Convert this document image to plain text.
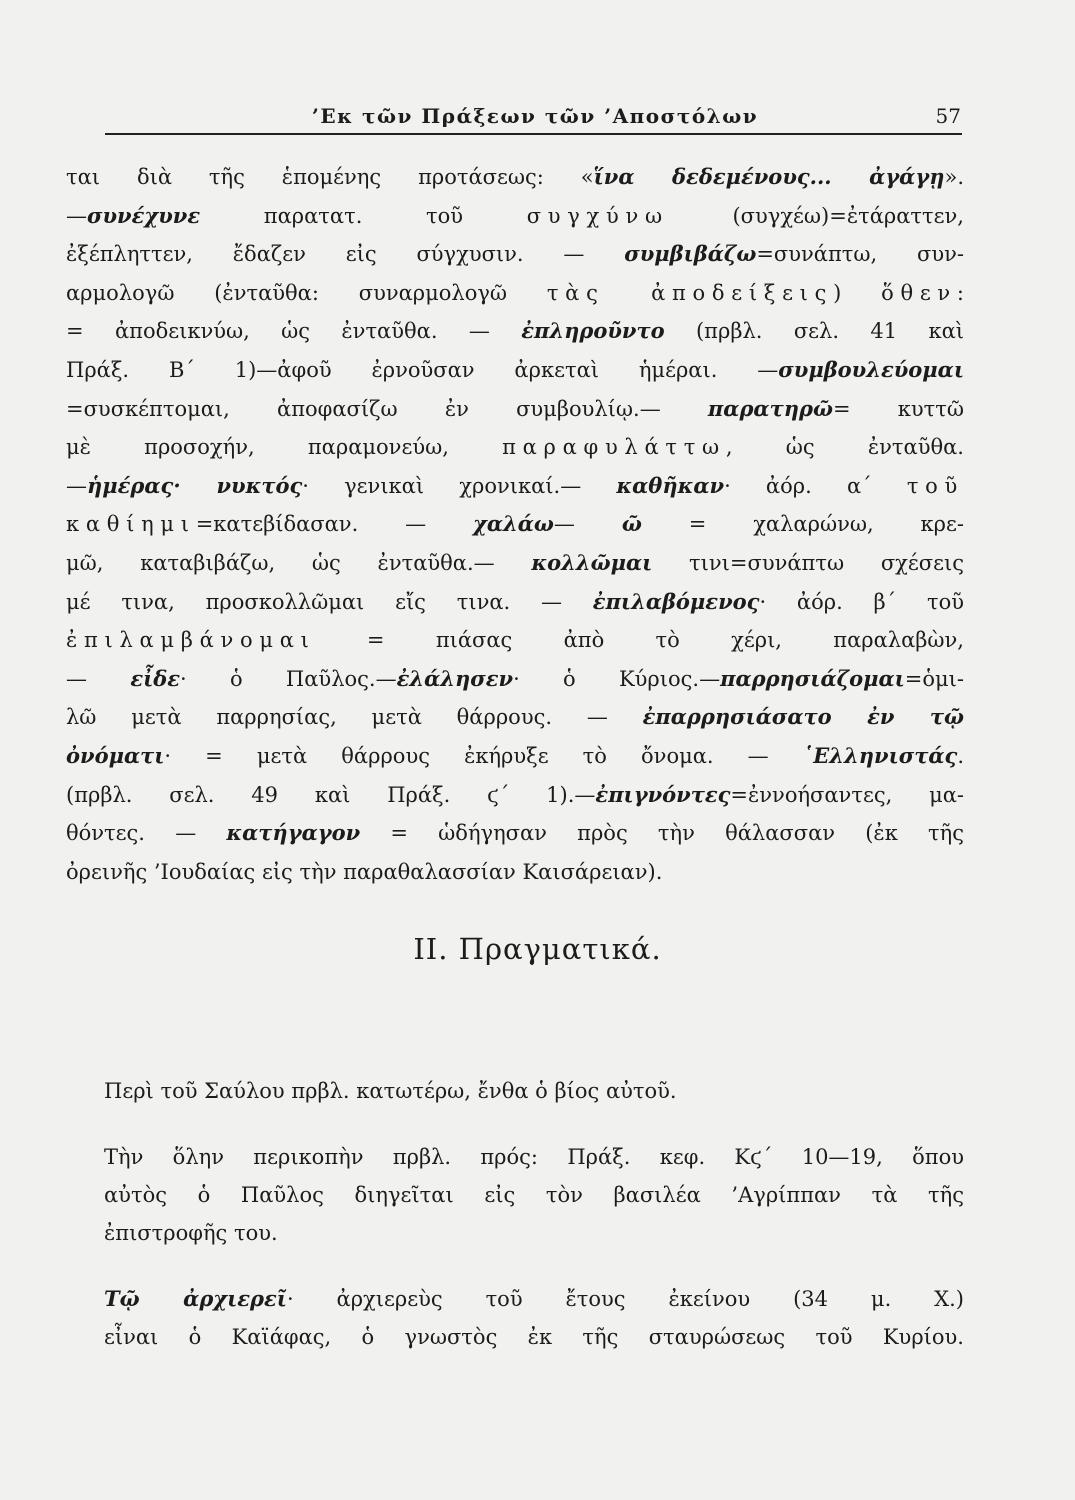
’Εκ τῶν Πράξεων τῶν ’Αποστόλων	57
ται διὰ τῆς ἑπομένης προτάσεως: «ἵνα δεδεμένους... ἀγάγῃ».
—συνέχυνε παρατατ. τοῦ συγχύνω (συγχέω)=ἐτάραττεν,
ἐξέπληττεν, ἔδαζεν εἰς σύγχυσιν. — συμβιβάζω=συνάπτω, συν-
αρμολογῶ (ἐνταῦθα: συναρμολογῶ τὰς ἀποδείξεις) ὅθεν:
= ἀποδεικνύω, ὡς ἐνταῦθα. — ἐπληροῦντο (πρβλ. σελ. 41 καὶ
Πράξ. Β΄ 1)—ἀφοῦ ἐρνοῦσαν ἀρκεταὶ ἡμέραι. —συμβουλεύομαι
=συσκέπτομαι, ἀποφασίζω ἐν συμβουλίῳ.— παρατηρῶ= κυττῶ
μὲ προσοχήν, παραμονεύω, παραφυλάττω, ὡς ἐνταῦθα.
—ἡμέρας· νυκτός· γενικαὶ χρονικαί.— καθῆκαν· ἀόρ. α΄ τοῦ
καθίημι=κατεβίδασαν. — χαλάω— ῶ = χαλαρώνω, κρε-
μῶ, καταβιβάζω, ὡς ἐνταῦθα.— κολλῶμαι τινι=συνάπτω σχέσεις
μέ τινα, προσκολλῶμαι εἴς τινα. — ἐπιλαβόμενος· ἀόρ. β΄ τοῦ
ἐπιλαμβάνομαι = πιάσας ἀπὸ τὸ χέρι, παραλαβὼν,
— εἶδε· ὁ Παῦλος.—ἐλάλησεν· ὁ Κύριος.—παρρησιάζομαι=ὁμι-
λῶ μετὰ παρρησίας, μετὰ θάρρους. — ἐπαρρησιάσατο ἐν τῷ
ὀνόματι· = μετὰ θάρρους ἐκήρυξε τὸ ὄνομα. — ῾Ελληνιστάς.
(πρβλ. σελ. 49 καὶ Πράξ. ϛ΄ 1).—ἐπιγνόντες=ἐννοήσαντες, μα-
θόντες. — κατήγαγον = ὡδήγησαν πρὸς τὴν θάλασσαν (ἐκ τῆς
ὀρεινῆς ’Ιουδαίας εἰς τὴν παραθαλασσίαν Καισάρειαν).
II. Πραγματικά.
Περὶ τοῦ Σαύλου πρβλ. κατωτέρω, ἔνθα ὁ βίος αὐτοῦ.
Τὴν ὅλην περικοπὴν πρβλ. πρός: Πράξ. κεφ. Κϛ΄ 10—19, ὅπου
αὐτὸς ὁ Παῦλος διηγεῖται εἰς τὸν βασιλέα ’Αγρίππαν τὰ τῆς
ἐπιστροφῆς του.
Τῷ ἀρχιερεῖ· ἀρχιερεὺς τοῦ ἔτους ἐκείνου (34 μ. Χ.)
εἶναι ὁ Καϊάφας, ὁ γνωστὸς ἐκ τῆς σταυρώσεως τοῦ Κυρίου.
